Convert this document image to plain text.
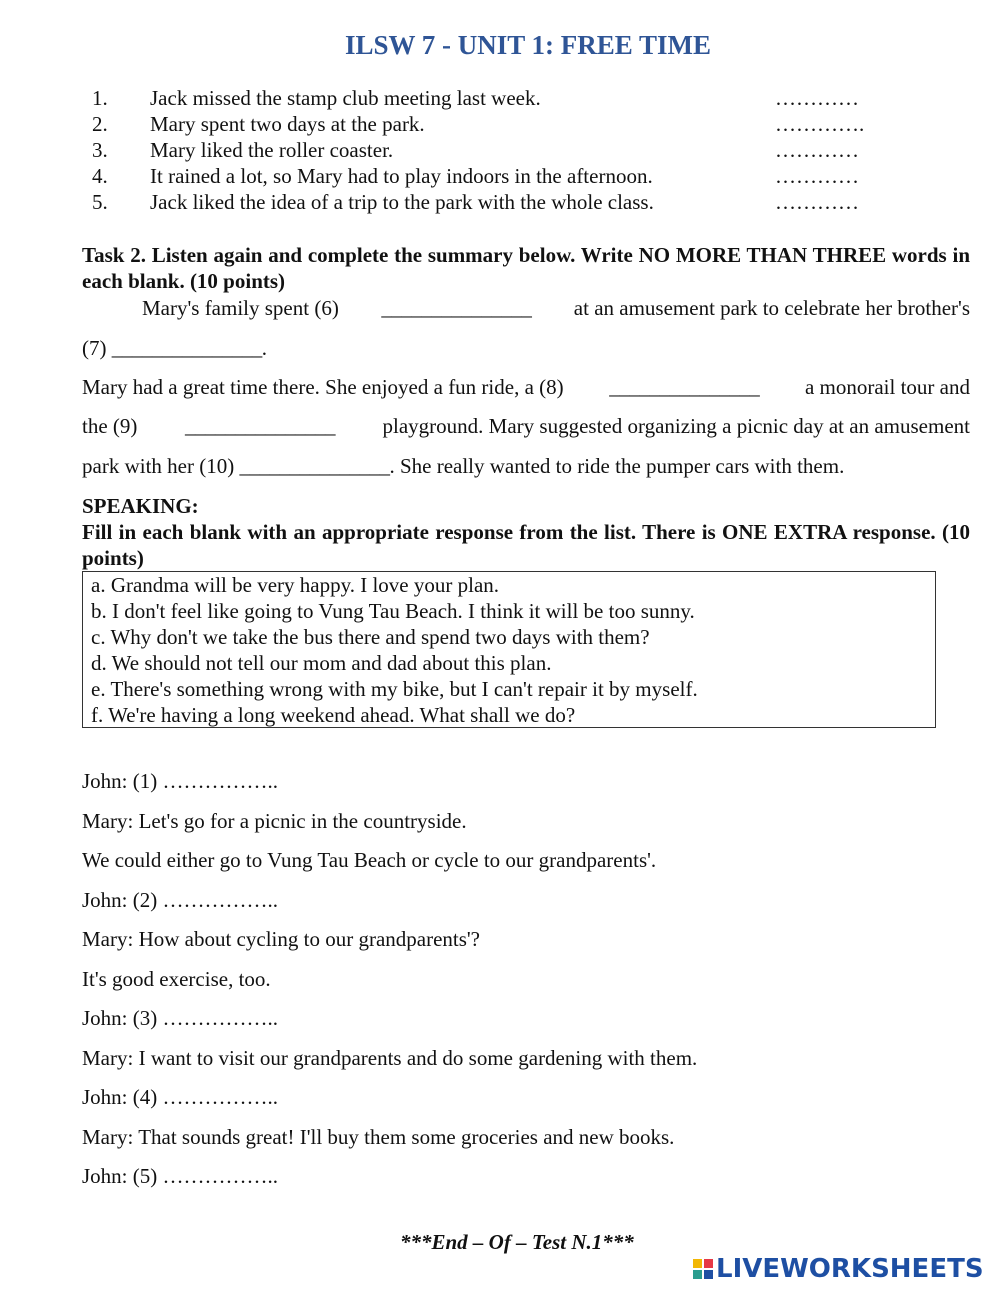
ILSW 7 - UNIT 1: FREE TIME
1. Jack missed the stamp club meeting last week.	…………
2. Mary spent two days at the park.	………….
3. Mary liked the roller coaster.	…………
4. It rained a lot, so Mary had to play indoors in the afternoon.	…………
5. Jack liked the idea of a trip to the park with the whole class.	…………
Task 2. Listen again and complete the summary below. Write NO MORE THAN THREE words in each blank. (10 points)
Mary's family spent (6) _______________ at an amusement park to celebrate her brother's
(7) _______________.
Mary had a great time there. She enjoyed a fun ride, a (8) _______________ a monorail tour and
the (9) _______________ playground. Mary suggested organizing a picnic day at an amusement
park with her (10) _______________. She really wanted to ride the pumper cars with them.
SPEAKING:
Fill in each blank with an appropriate response from the list. There is ONE EXTRA response. (10 points)
a. Grandma will be very happy. I love your plan.
b. I don't feel like going to Vung Tau Beach. I think it will be too sunny.
c. Why don't we take the bus there and spend two days with them?
d. We should not tell our mom and dad about this plan.
e. There's something wrong with my bike, but I can't repair it by myself.
f. We're having a long weekend ahead. What shall we do?
John: (1) ……………..
Mary: Let's go for a picnic in the countryside.
We could either go to Vung Tau Beach or cycle to our grandparents'.
John: (2) ……………..
Mary: How about cycling to our grandparents'?
It's good exercise, too.
John: (3) ……………..
Mary: I want to visit our grandparents and do some gardening with them.
John: (4) ……………..
Mary: That sounds great! I'll buy them some groceries and new books.
John: (5) ……………..
***End – Of – Test N.1***
LIVEWORKSHEETS
